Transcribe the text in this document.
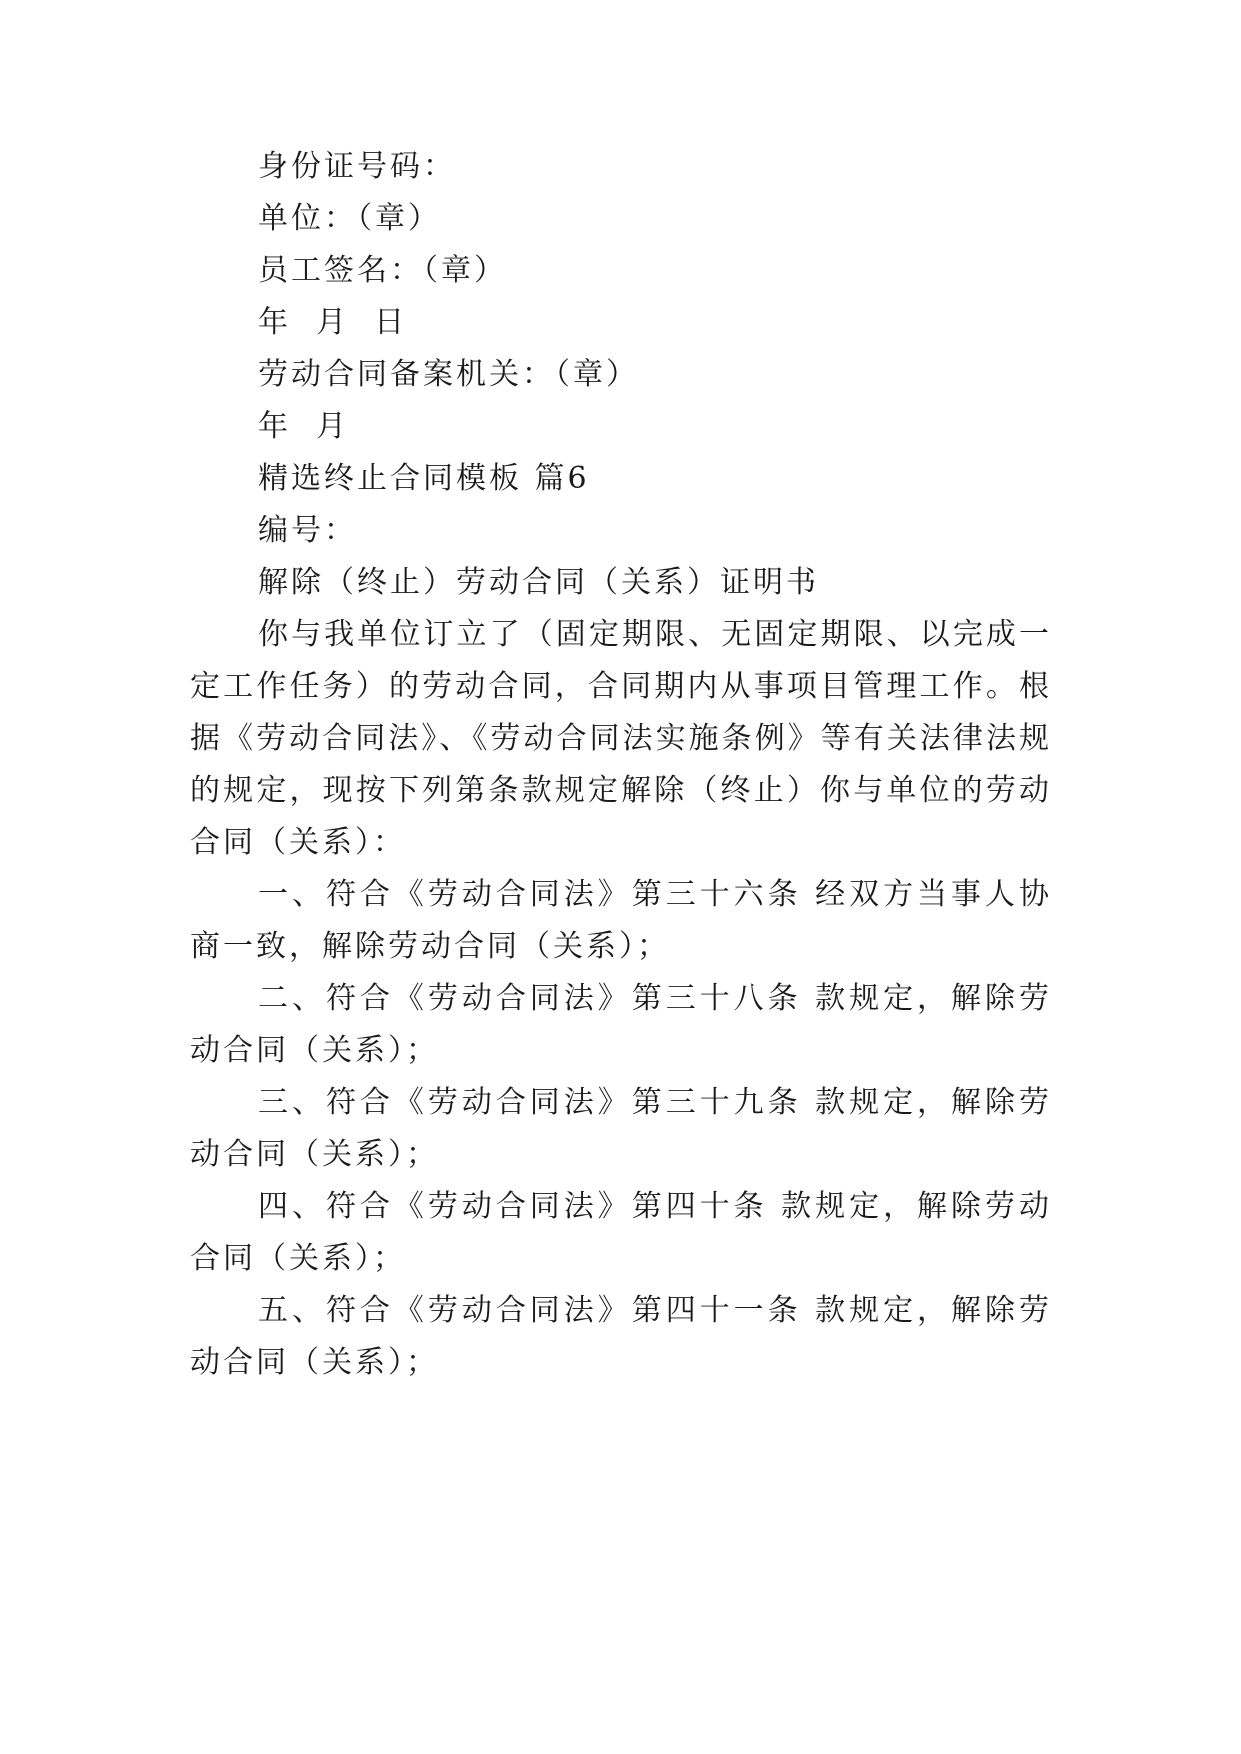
身份证号码：
单位：（章）
员工签名：（章）
年  月  日
劳动合同备案机关：（章）
年  月
精选终止合同模板 篇6
编号：
解除（终止）劳动合同（关系）证明书
你与我单位订立了（固定期限、无固定期限、以完成一
定工作任务）的劳动合同，合同期内从事项目管理工作。根
据《劳动合同法》、《劳动合同法实施条例》等有关法律法规
的规定，现按下列第条款规定解除（终止）你与单位的劳动
合同（关系）：
一、符合《劳动合同法》第三十六条 经双方当事人协
商一致，解除劳动合同（关系）；
二、符合《劳动合同法》第三十八条 款规定，解除劳
动合同（关系）；
三、符合《劳动合同法》第三十九条 款规定，解除劳
动合同（关系）；
四、符合《劳动合同法》第四十条 款规定，解除劳动
合同（关系）；
五、符合《劳动合同法》第四十一条 款规定，解除劳
动合同（关系）；
